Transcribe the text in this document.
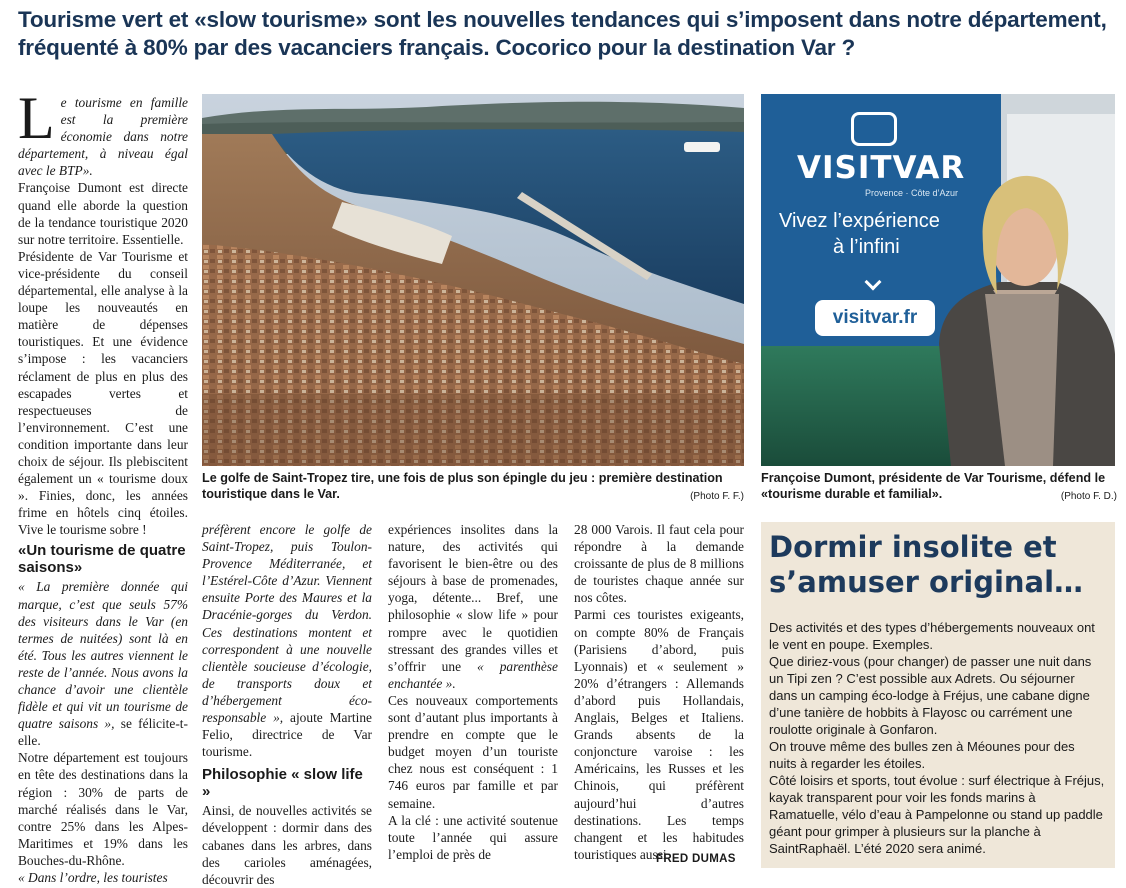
Tourisme vert et «slow tourisme» sont les nouvelles tendances qui s’imposent dans notre département, fréquenté à 80% par des vacanciers français. Cocorico pour la destination Var ?
L e tourisme en famille est la première économie dans notre département, à niveau égal avec le BTP».

Françoise Dumont est directe quand elle aborde la question de la tendance touristique 2020 sur notre territoire. Essentielle.

Présidente de Var Tourisme et vice-présidente du conseil départemental, elle analyse à la loupe les nouveautés en matière de dépenses touristiques. Et une évidence s’impose : les vacanciers réclament de plus en plus des escapades vertes et respectueuses de l’environnement. C’est une condition importante dans leur choix de séjour. Ils plebiscitent également un « tourisme doux ». Finies, donc, les années frime en hôtels cinq étoiles. Vive le tourisme sobre !

«Un tourisme de quatre saisons»

« La première donnée qui marque, c’est que seuls 57% des visiteurs dans le Var (en termes de nuitées) sont là en été. Tous les autres viennent le reste de l’année. Nous avons la chance d’avoir une clientèle fidèle et qui vit un tourisme de quatre saisons », se félicite-t-elle.

Notre département est toujours en tête des destinations dans la région : 30% de parts de marché réalisés dans le Var, contre 25% dans les Alpes-Maritimes et 19% dans les Bouches-du-Rhône.

« Dans l’ordre, les touristes

Le golfe de Saint-Tropez tire, une fois de plus son épingle du jeu : première destination touristique dans le Var.	(Photo F. F.)
VISITVAR
Provence · Côte d’Azur
Vivez l’expérience
à l’infini
visitvar.fr
Françoise Dumont, présidente de Var Tourisme, défend le «tourisme durable et familial».	(Photo F. D.)

préfèrent encore le golfe de Saint-Tropez, puis Toulon-Provence Méditerranée, et l’Estérel-Côte d’Azur. Viennent ensuite Porte des Maures et la Dracénie-gorges du Verdon. Ces destinations montent et correspondent à une nouvelle clientèle soucieuse d’écologie, de transports doux et d’hébergement éco-responsable », ajoute Martine Felio, directrice de Var tourisme.

Philosophie « slow life »

Ainsi, de nouvelles activités se développent : dormir dans des cabanes dans les arbres, dans des carioles aménagées, découvrir des

expériences insolites dans la nature, des activités qui favorisent le bien-être ou des séjours à base de promenades, yoga, détente... Bref, une philosophie « slow life » pour rompre avec le quotidien stressant des grandes villes et s’offrir une « parenthèse enchantée ».

Ces nouveaux comportements sont d’autant plus importants à prendre en compte que le budget moyen d’un touriste chez nous est conséquent : 1 746 euros par famille et par semaine.

A la clé : une activité soutenue toute l’année qui assure l’emploi de près de

28 000 Varois. Il faut cela pour répondre à la demande croissante de plus de 8 millions de touristes chaque année sur nos côtes.

Parmi ces touristes exigeants, on compte 80% de Français (Parisiens d’abord, puis Lyonnais) et « seulement » 20% d’étrangers : Allemands d’abord puis Hollandais, Anglais, Belges et Italiens. Grands absents de la conjoncture varoise : les Américains, les Russes et les Chinois, qui préfèrent aujourd’hui d’autres destinations. Les temps changent et les habitudes touristiques aussi.

FRED DUMAS
Dormir insolite et s’amuser original…

Des activités et des types d’hébergements nouveaux ont le vent en poupe. Exemples.

Que diriez-vous (pour changer) de passer une nuit dans un Tipi zen ? C’est possible aux Adrets. Ou séjourner dans un camping éco-lodge à Fréjus, une cabane digne d’une tanière de hobbits à Flayosc ou carrément une roulotte originale à Gonfaron.

On trouve même des bulles zen à Méounes pour des nuits à regarder les étoiles.

Côté loisirs et sports, tout évolue : surf électrique à Fréjus, kayak transparent pour voir les fonds marins à Ramatuelle, vélo d’eau à Pampelonne ou stand up paddle géant pour grimper à plusieurs sur la planche à SaintRaphaël. L’été 2020 sera animé.
